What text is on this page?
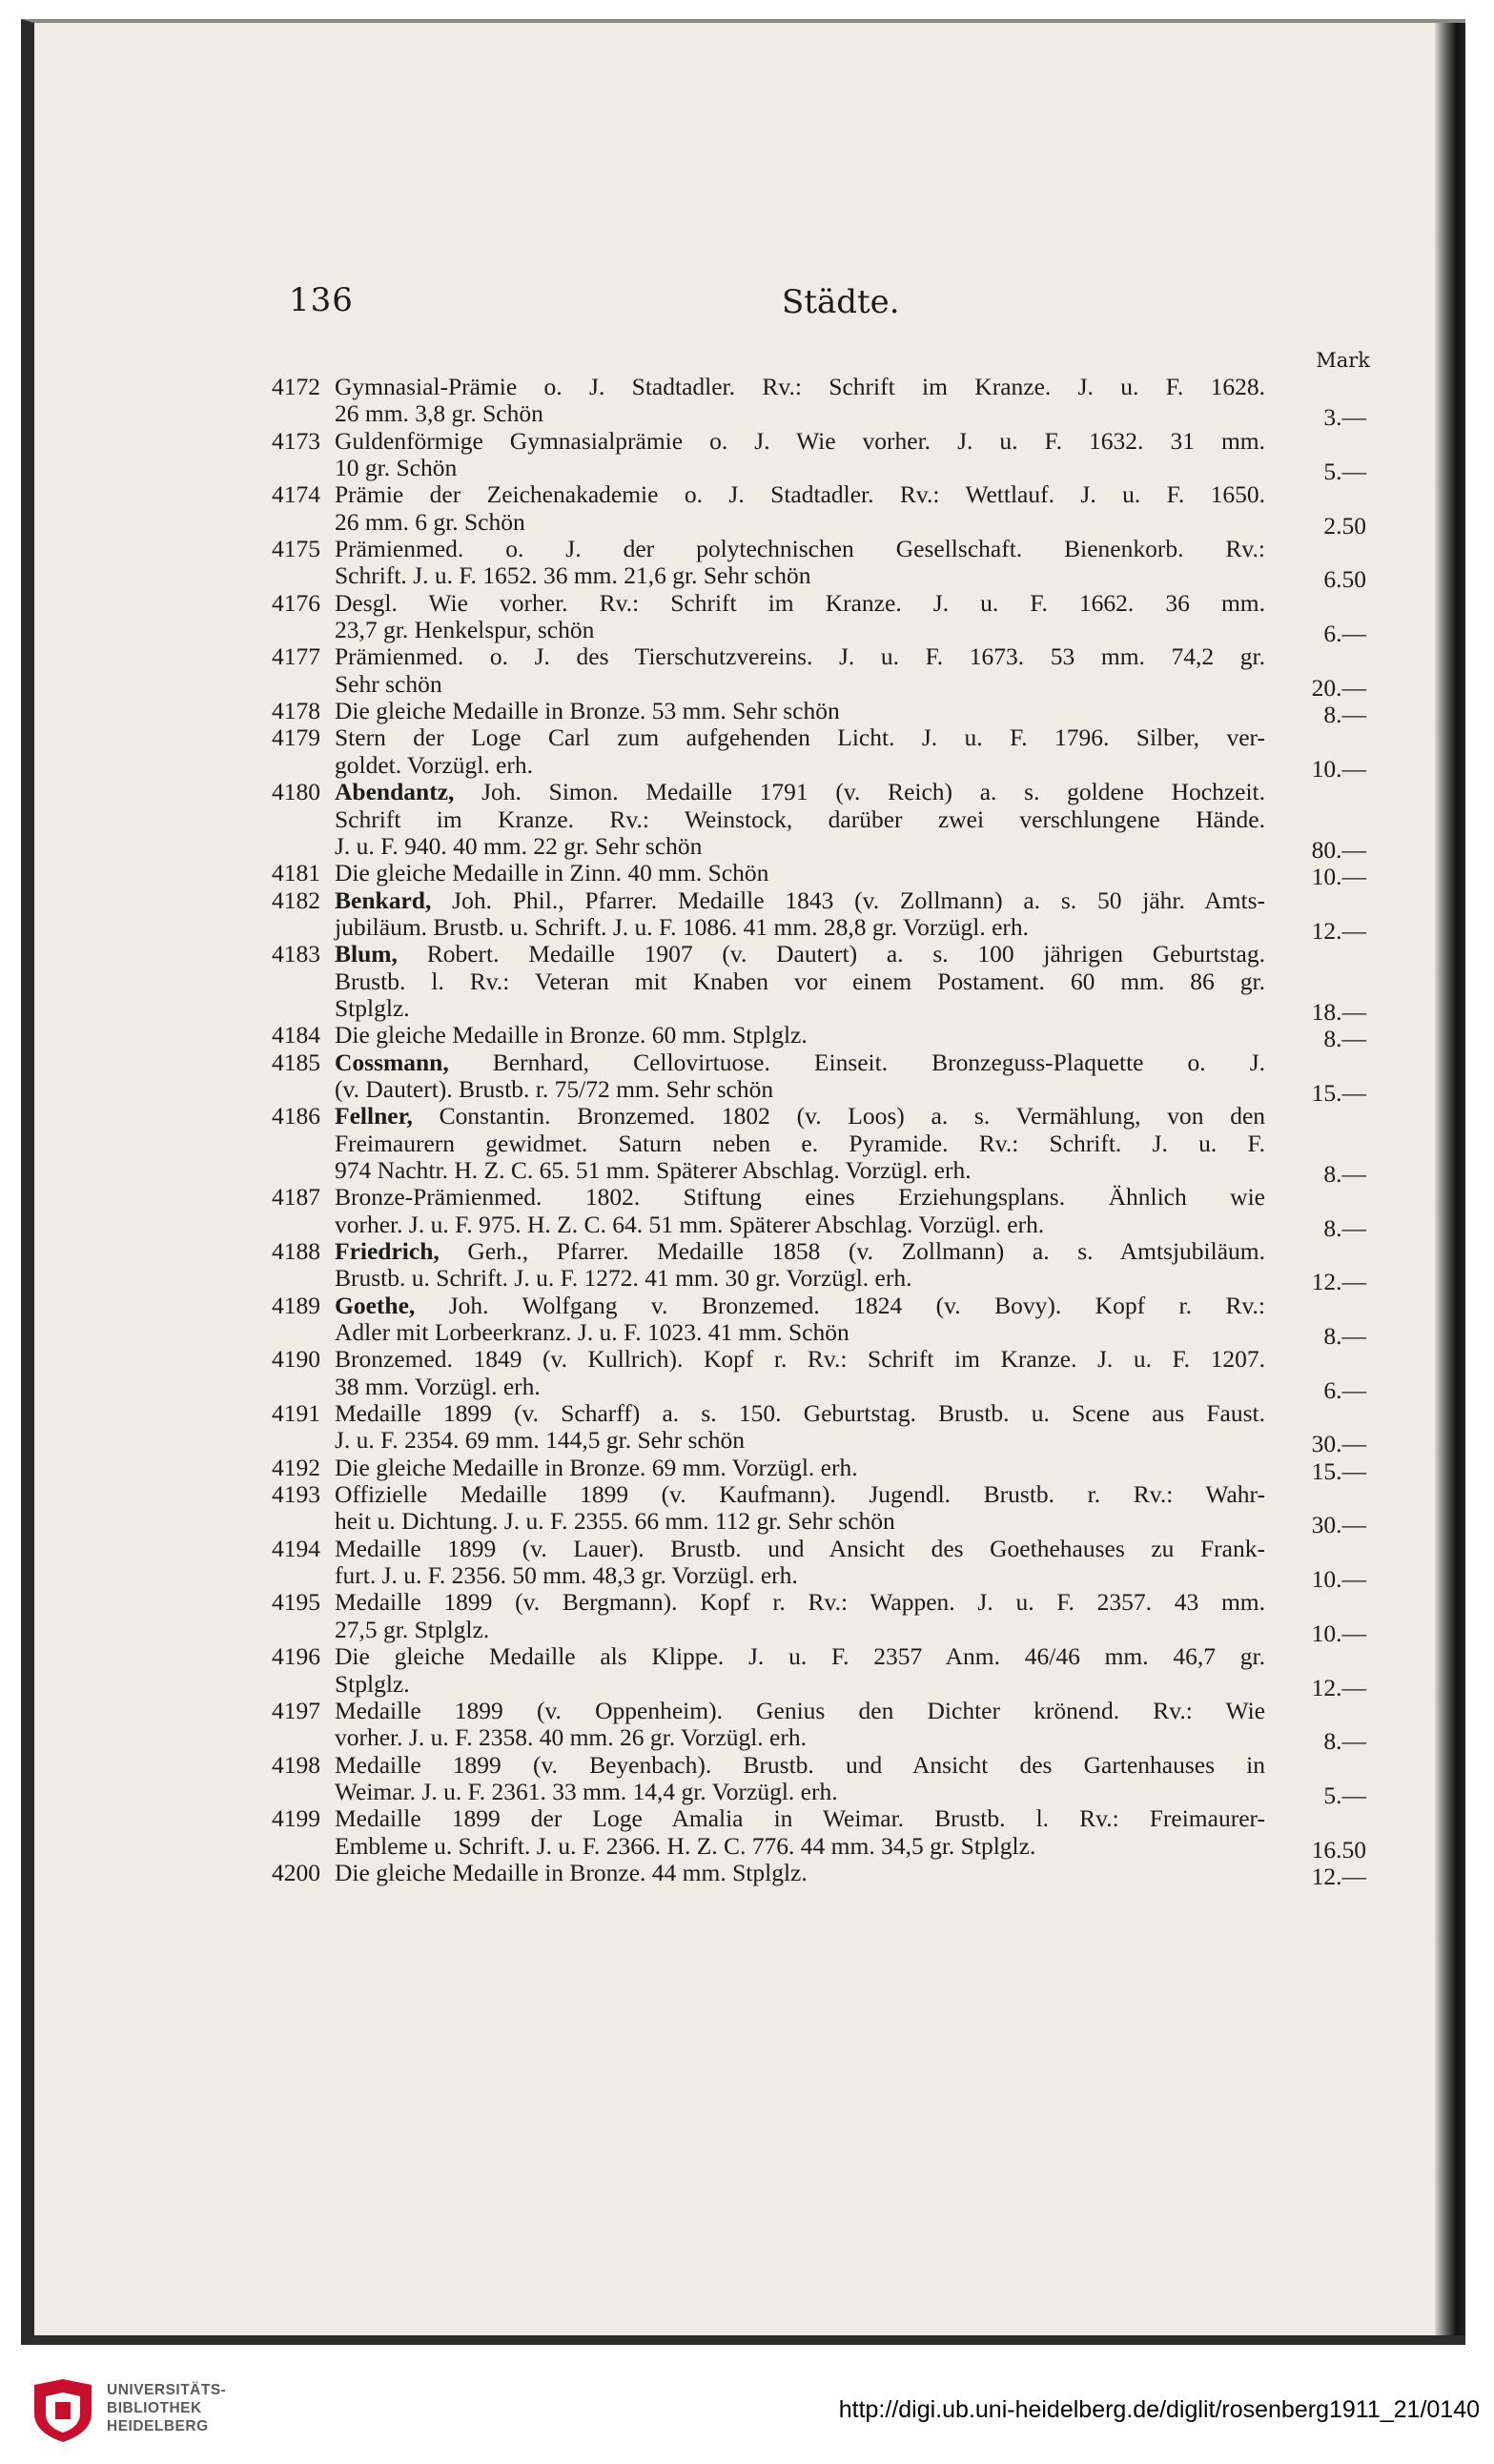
136	Städte.
Mark
4172 Gymnasial-Prämie o. J. Stadtadler. Rv.: Schrift im Kranze. J. u. F. 1628.
26 mm. 3,8 gr. Schön	3.—
4173 Guldenförmige Gymnasialprämie o. J. Wie vorher. J. u. F. 1632. 31 mm.
10 gr. Schön	5.—
4174 Prämie der Zeichenakademie o. J. Stadtadler. Rv.: Wettlauf. J. u. F. 1650.
26 mm. 6 gr. Schön	2.50
4175 Prämienmed. o. J. der polytechnischen Gesellschaft. Bienenkorb. Rv.:
Schrift. J. u. F. 1652. 36 mm. 21,6 gr. Sehr schön	6.50
4176 Desgl. Wie vorher. Rv.: Schrift im Kranze. J. u. F. 1662. 36 mm.
23,7 gr. Henkelspur, schön	6.—
4177 Prämienmed. o. J. des Tierschutzvereins. J. u. F. 1673. 53 mm. 74,2 gr.
Sehr schön	20.—
4178 Die gleiche Medaille in Bronze. 53 mm. Sehr schön	8.—
4179 Stern der Loge Carl zum aufgehenden Licht. J. u. F. 1796. Silber, ver-
goldet. Vorzügl. erh.	10.—
4180 Abendantz, Joh. Simon. Medaille 1791 (v. Reich) a. s. goldene Hochzeit.
Schrift im Kranze. Rv.: Weinstock, darüber zwei verschlungene Hände.
J. u. F. 940. 40 mm. 22 gr. Sehr schön	80.—
4181 Die gleiche Medaille in Zinn. 40 mm. Schön	10.—
4182 Benkard, Joh. Phil., Pfarrer. Medaille 1843 (v. Zollmann) a. s. 50 jähr. Amts-
jubiläum. Brustb. u. Schrift. J. u. F. 1086. 41 mm. 28,8 gr. Vorzügl. erh.	12.—
4183 Blum, Robert. Medaille 1907 (v. Dautert) a. s. 100 jährigen Geburtstag.
Brustb. l. Rv.: Veteran mit Knaben vor einem Postament. 60 mm. 86 gr.
Stplglz.	18.—
4184 Die gleiche Medaille in Bronze. 60 mm. Stplglz.	8.—
4185 Cossmann, Bernhard, Cellovirtuose. Einseit. Bronzeguss-Plaquette o. J.
(v. Dautert). Brustb. r. 75/72 mm. Sehr schön	15.—
4186 Fellner, Constantin. Bronzemed. 1802 (v. Loos) a. s. Vermählung, von den
Freimaurern gewidmet. Saturn neben e. Pyramide. Rv.: Schrift. J. u. F.
974 Nachtr. H. Z. C. 65. 51 mm. Späterer Abschlag. Vorzügl. erh.	8.—
4187 Bronze-Prämienmed. 1802. Stiftung eines Erziehungsplans. Ähnlich wie
vorher. J. u. F. 975. H. Z. C. 64. 51 mm. Späterer Abschlag. Vorzügl. erh.	8.—
4188 Friedrich, Gerh., Pfarrer. Medaille 1858 (v. Zollmann) a. s. Amtsjubiläum.
Brustb. u. Schrift. J. u. F. 1272. 41 mm. 30 gr. Vorzügl. erh.	12.—
4189 Goethe, Joh. Wolfgang v. Bronzemed. 1824 (v. Bovy). Kopf r. Rv.:
Adler mit Lorbeerkranz. J. u. F. 1023. 41 mm. Schön	8.—
4190 Bronzemed. 1849 (v. Kullrich). Kopf r. Rv.: Schrift im Kranze. J. u. F. 1207.
38 mm. Vorzügl. erh.	6.—
4191 Medaille 1899 (v. Scharff) a. s. 150. Geburtstag. Brustb. u. Scene aus Faust.
J. u. F. 2354. 69 mm. 144,5 gr. Sehr schön	30.—
4192 Die gleiche Medaille in Bronze. 69 mm. Vorzügl. erh.	15.—
4193 Offizielle Medaille 1899 (v. Kaufmann). Jugendl. Brustb. r. Rv.: Wahr-
heit u. Dichtung. J. u. F. 2355. 66 mm. 112 gr. Sehr schön	30.—
4194 Medaille 1899 (v. Lauer). Brustb. und Ansicht des Goethehauses zu Frank-
furt. J. u. F. 2356. 50 mm. 48,3 gr. Vorzügl. erh.	10.—
4195 Medaille 1899 (v. Bergmann). Kopf r. Rv.: Wappen. J. u. F. 2357. 43 mm.
27,5 gr. Stplglz.	10.—
4196 Die gleiche Medaille als Klippe. J. u. F. 2357 Anm. 46/46 mm. 46,7 gr.
Stplglz.	12.—
4197 Medaille 1899 (v. Oppenheim). Genius den Dichter krönend. Rv.: Wie
vorher. J. u. F. 2358. 40 mm. 26 gr. Vorzügl. erh.	8.—
4198 Medaille 1899 (v. Beyenbach). Brustb. und Ansicht des Gartenhauses in
Weimar. J. u. F. 2361. 33 mm. 14,4 gr. Vorzügl. erh.	5.—
4199 Medaille 1899 der Loge Amalia in Weimar. Brustb. l. Rv.: Freimaurer-
Embleme u. Schrift. J. u. F. 2366. H. Z. C. 776. 44 mm. 34,5 gr. Stplglz.	16.50
4200 Die gleiche Medaille in Bronze. 44 mm. Stplglz.	12.—
UNIVERSITÄTS-
BIBLIOTHEK
HEIDELBERG
http://digi.ub.uni-heidelberg.de/diglit/rosenberg1911_21/0140
